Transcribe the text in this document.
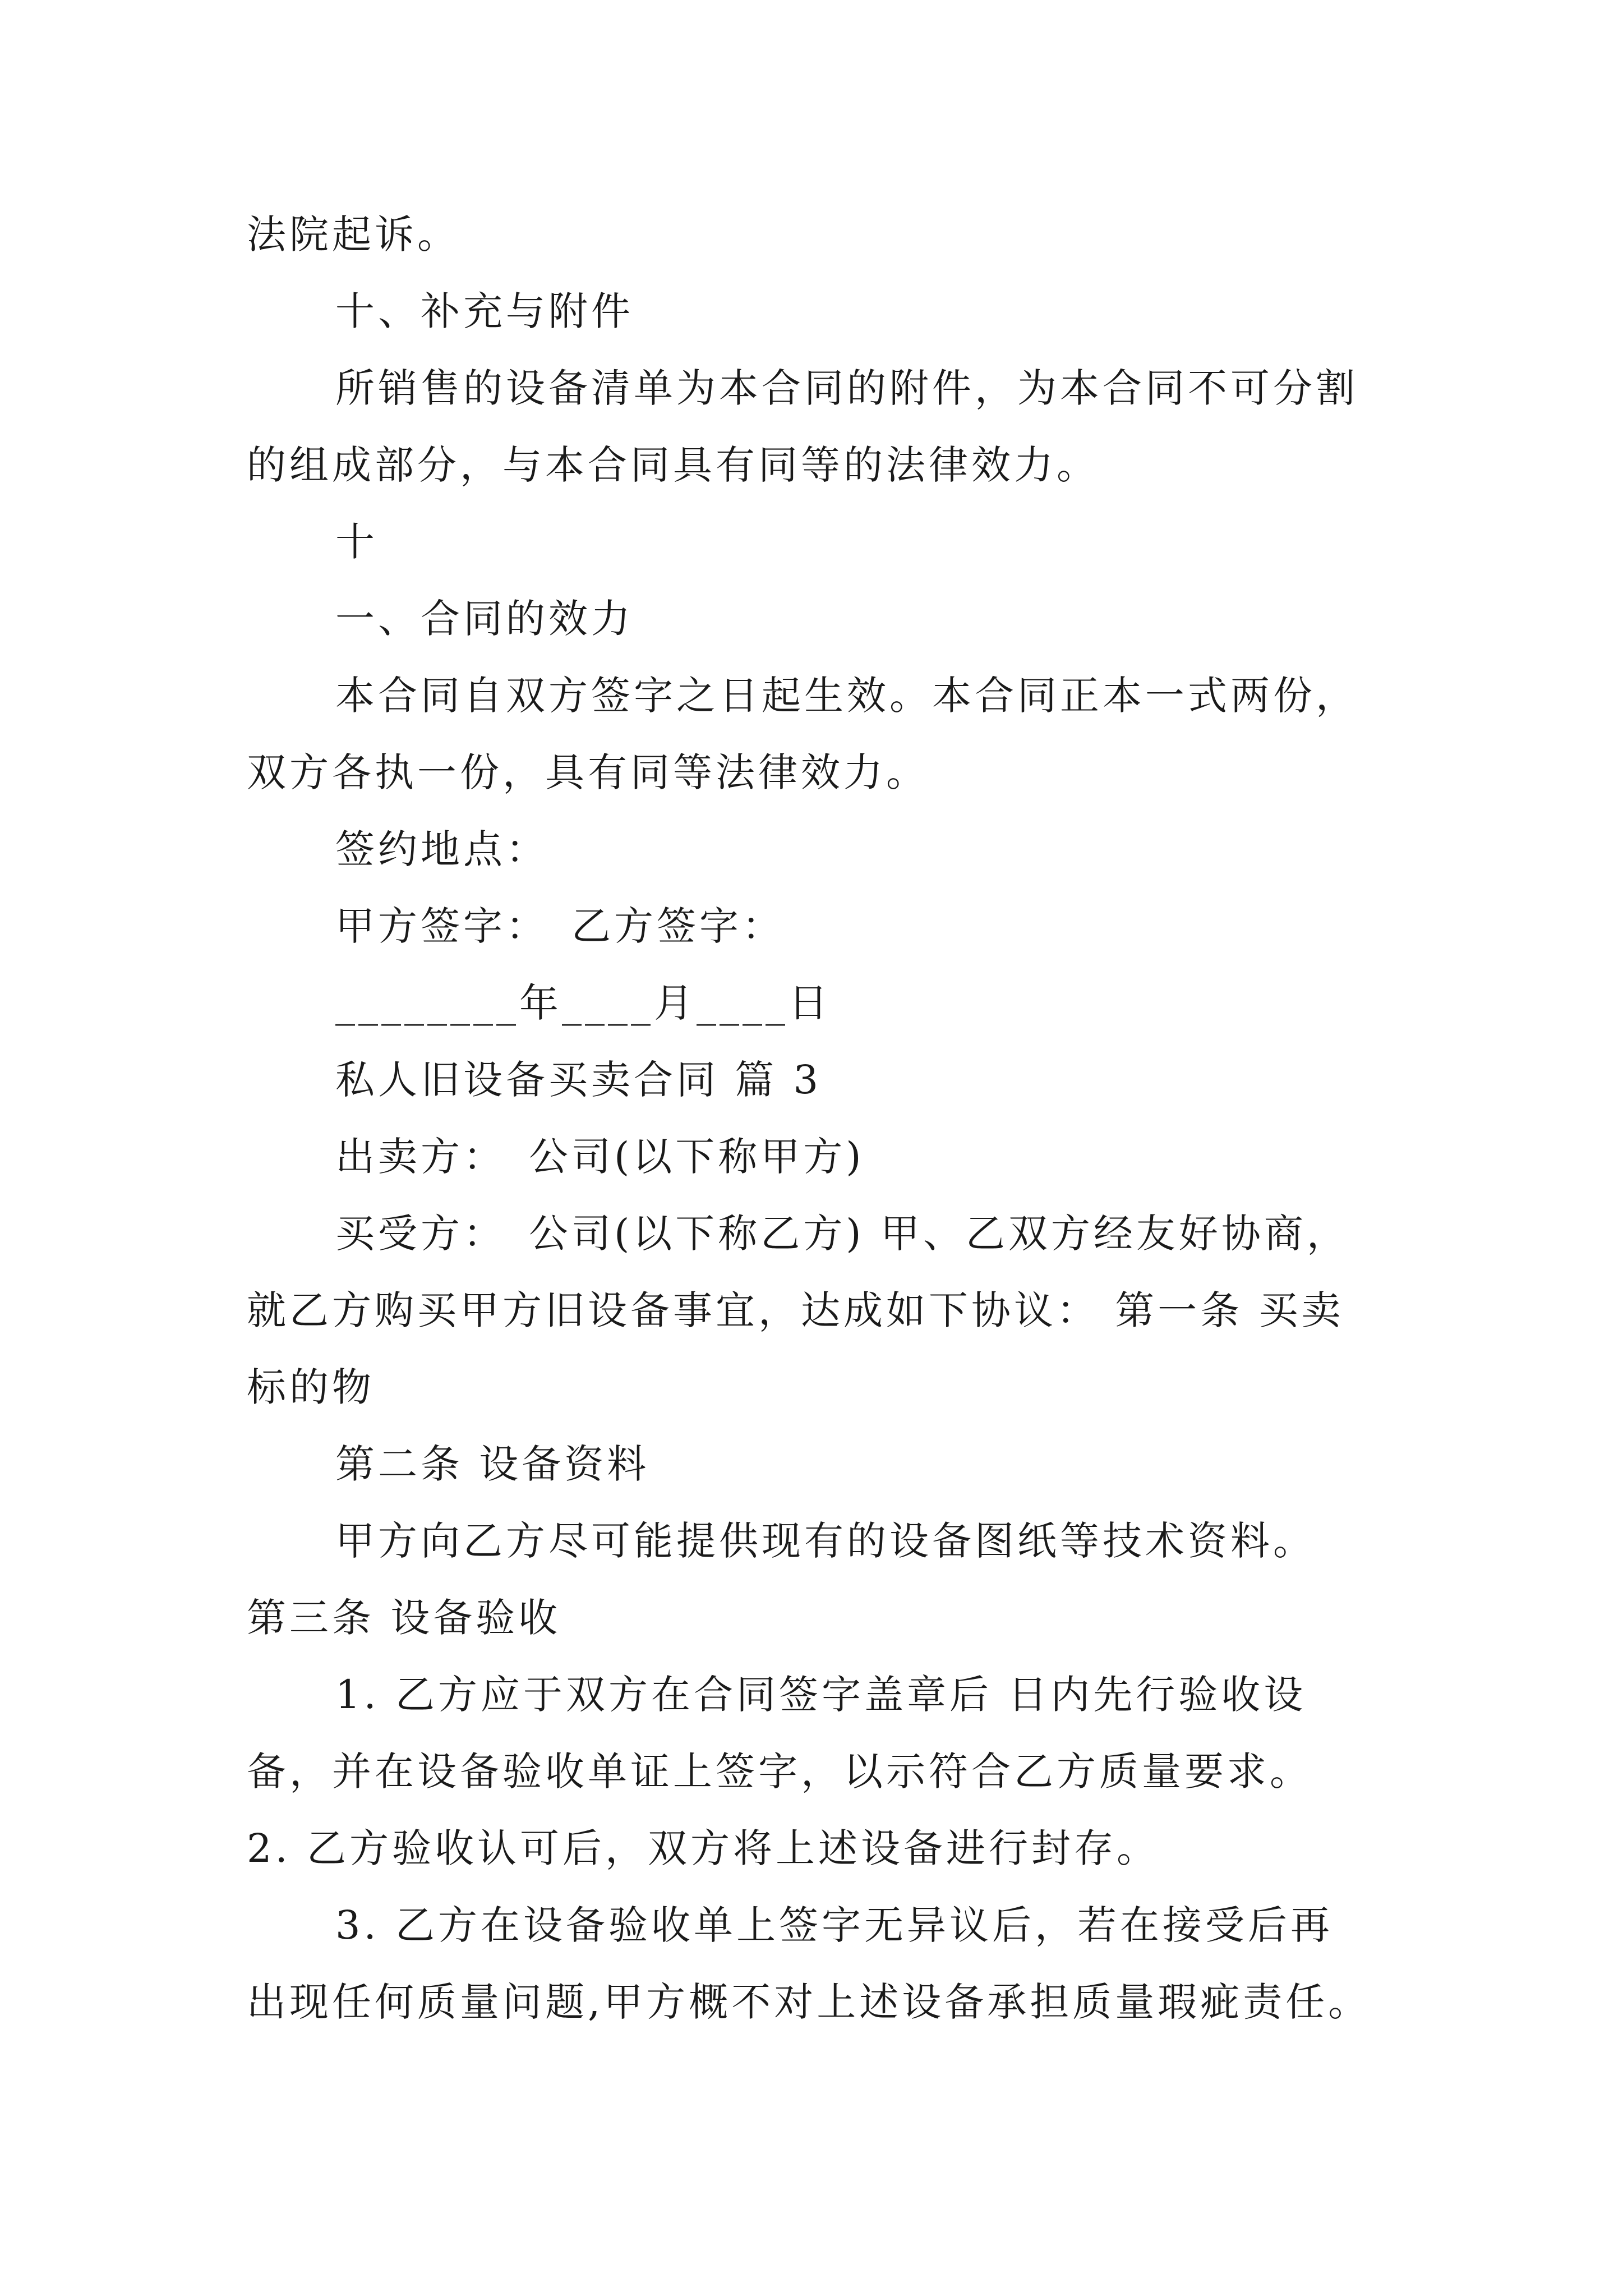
法院起诉。
十、补充与附件
所销售的设备清单为本合同的附件，为本合同不可分割
的组成部分，与本合同具有同等的法律效力。
十
一、合同的效力
本合同自双方签字之日起生效。本合同正本一式两份，
双方各执一份，具有同等法律效力。
签约地点：
甲方签字：　乙方签字：
________年____月____日
私人旧设备买卖合同 篇 3
出卖方：　公司(以下称甲方)
买受方：　公司(以下称乙方) 甲、乙双方经友好协商，
就乙方购买甲方旧设备事宜，达成如下协议： 第一条 买卖
标的物
第二条 设备资料
甲方向乙方尽可能提供现有的设备图纸等技术资料。
第三条 设备验收
1. 乙方应于双方在合同签字盖章后 日内先行验收设
备，并在设备验收单证上签字，以示符合乙方质量要求。
2. 乙方验收认可后，双方将上述设备进行封存。
3. 乙方在设备验收单上签字无异议后，若在接受后再
出现任何质量问题,甲方概不对上述设备承担质量瑕疵责任。
